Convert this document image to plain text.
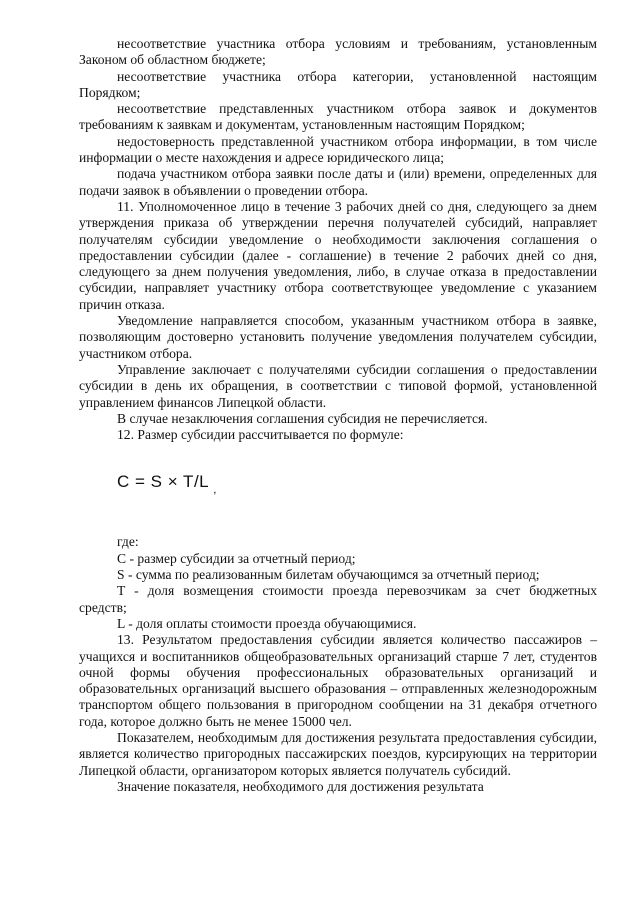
несоответствие участника отбора условиям и требованиям, установленным Законом об областном бюджете;

несоответствие участника отбора категории, установленной настоящим Порядком;

несоответствие представленных участником отбора заявок и документов требованиям к заявкам и документам, установленным настоящим Порядком;

недостоверность представленной участником отбора информации, в том числе информации о месте нахождения и адресе юридического лица;

подача участником отбора заявки после даты и (или) времени, определенных для подачи заявок в объявлении о проведении отбора.

11. Уполномоченное лицо в течение 3 рабочих дней со дня, следующего за днем утверждения приказа об утверждении перечня получателей субсидий, направляет получателям субсидии уведомление о необходимости заключения соглашения о предоставлении субсидии (далее - соглашение) в течение 2 рабочих дней со дня, следующего за днем получения уведомления, либо, в случае отказа в предоставлении субсидии, направляет участнику отбора соответствующее уведомление с указанием причин отказа.

Уведомление направляется способом, указанным участником отбора в заявке, позволяющим достоверно установить получение уведомления получателем субсидии, участником отбора.

Управление заключает с получателями субсидии соглашения о предоставлении субсидии в день их обращения, в соответствии с типовой формой, установленной управлением финансов Липецкой области.

В случае незаключения соглашения субсидия не перечисляется.

12. Размер субсидии рассчитывается по формуле:

C = S × T/L $_,$

где:

C - размер субсидии за отчетный период;

S - сумма по реализованным билетам обучающимся за отчетный период;

T - доля возмещения стоимости проезда перевозчикам за счет бюджетных средств;

L - доля оплаты стоимости проезда обучающимися.

13. Результатом предоставления субсидии является количество пассажиров – учащихся и воспитанников общеобразовательных организаций старше 7 лет, студентов очной формы обучения профессиональных образовательных организаций и образовательных организаций высшего образования – отправленных железнодорожным транспортом общего пользования в пригородном сообщении на 31 декабря отчетного года, которое должно быть не менее 15000 чел.

Показателем, необходимым для достижения результата предоставления субсидии, является количество пригородных пассажирских поездов, курсирующих на территории Липецкой области, организатором которых является получатель субсидий.

Значение показателя, необходимого для достижения результата
